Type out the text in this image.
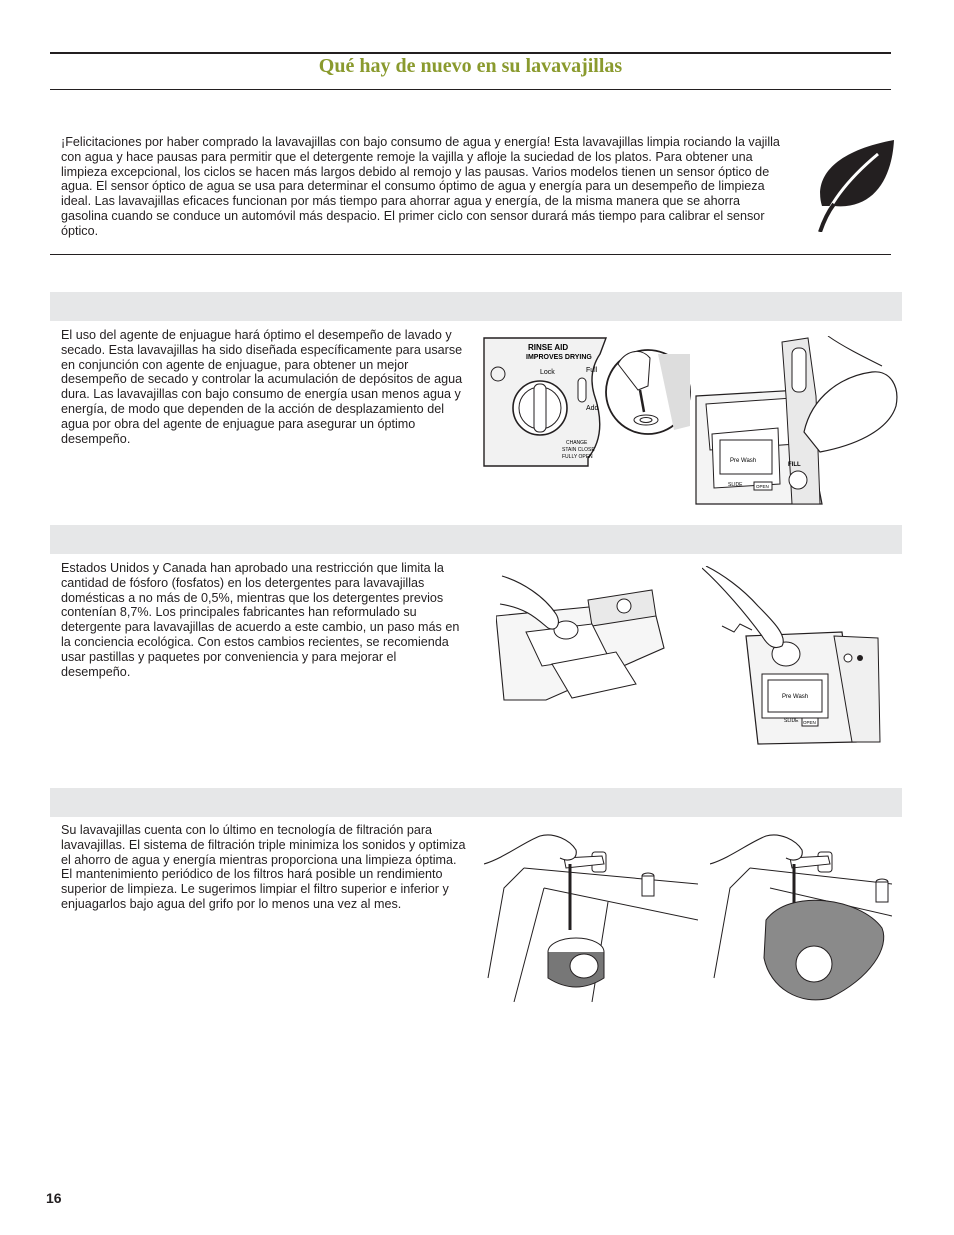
Qué hay de nuevo en su lavavajillas

¡Felicitaciones por haber comprado la lavavajillas con bajo consumo de agua y energía! Esta lavavajillas limpia rociando la vajilla con agua y hace pausas para permitir que el detergente remoje la vajilla y afloje la suciedad de los platos. Para obtener una limpieza excepcional, los ciclos se hacen más largos debido al remojo y las pausas. Varios modelos tienen un sensor óptico de agua. El sensor óptico de agua se usa para determinar el consumo óptimo de agua y energía para un desempeño de limpieza ideal. Las lavavajillas eficaces funcionan por más tiempo para ahorrar agua y energía, de la misma manera que se ahorra gasolina cuando se conduce un automóvil más despacio. El primer ciclo con sensor durará más tiempo para calibrar el sensor óptico.

El uso del agente de enjuague hará óptimo el desempeño de lavado y secado. Esta lavavajillas ha sido diseñada específicamente para usarse en conjunción con agente de enjuague, para obtener un mejor desempeño de secado y controlar la acumulación de depósitos de agua dura. Las lavavajillas con bajo consumo de energía usan menos agua y energía, de modo que dependen de la acción de desplazamiento del agua por obra del agente de enjuague para asegurar un óptimo desempeño.

RINSE AID
IMPROVES DRYING
Lock	Full
Add
CHANGE
STAIN CLOSE
FULLY OPEN
Pre Wash
SLIDE	OPEN
FILL

Estados Unidos y Canada han aprobado una restricción que limita la cantidad de fósforo (fosfatos) en los detergentes para lavavajillas domésticas a no más de 0,5%, mientras que los detergentes previos contenían 8,7%. Los principales fabricantes han reformulado su detergente para lavavajillas de acuerdo a este cambio, un paso más en la conciencia ecológica. Con estos cambios recientes, se recomienda usar pastillas y paquetes por conveniencia y para mejorar el desempeño.

Pre Wash
SLIDE OPEN

Su lavavajillas cuenta con lo último en tecnología de filtración para lavavajillas. El sistema de filtración triple minimiza los sonidos y optimiza el ahorro de agua y energía mientras proporciona una limpieza óptima. El mantenimiento periódico de los filtros hará posible un rendimiento superior de limpieza. Le sugerimos limpiar el filtro superior e inferior y enjuagarlos bajo agua del grifo por lo menos una vez al mes.

16
